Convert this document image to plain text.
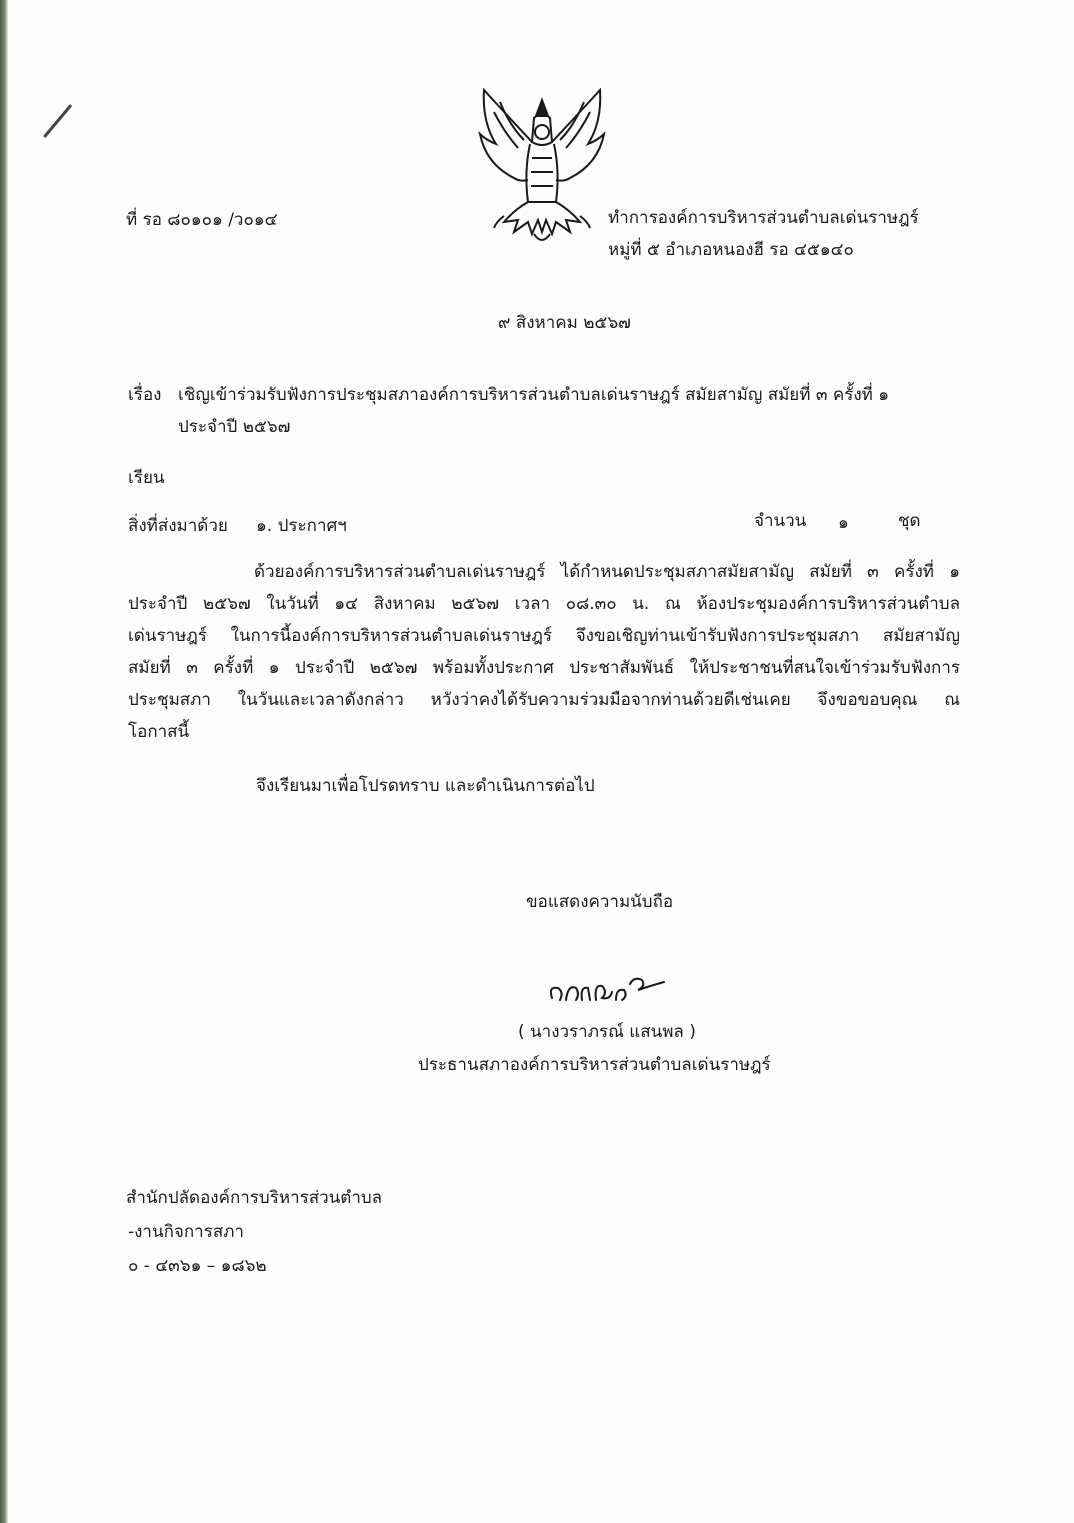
ที่ รอ ๘๐๑๐๑ /ว๐๑๔	ทำการองค์การบริหารส่วนตำบลเด่นราษฎร์
หมู่ที่ ๕ อำเภอหนองฮี รอ ๔๕๑๔๐
๙ สิงหาคม ๒๕๖๗
เรื่อง เชิญเข้าร่วมรับฟังการประชุมสภาองค์การบริหารส่วนตำบลเด่นราษฎร์ สมัยสามัญ สมัยที่ ๓ ครั้งที่ ๑
ประจำปี ๒๕๖๗
เรียน
สิ่งที่ส่งมาด้วย ๑. ประกาศฯ	จำนวน ๑	ชุด
ด้วยองค์การบริหารส่วนตำบลเด่นราษฎร์ ได้กำหนดประชุมสภาสมัยสามัญ สมัยที่ ๓ ครั้งที่ ๑
ประจำปี ๒๕๖๗ ในวันที่ ๑๔ สิงหาคม ๒๕๖๗ เวลา ๐๘.๓๐ น. ณ ห้องประชุมองค์การบริหารส่วนตำบล
เด่นราษฎร์ ในการนี้องค์การบริหารส่วนตำบลเด่นราษฎร์ จึงขอเชิญท่านเข้ารับฟังการประชุมสภา สมัยสามัญ
สมัยที่ ๓ ครั้งที่ ๑ ประจำปี ๒๕๖๗ พร้อมทั้งประกาศ ประชาสัมพันธ์ ให้ประชาชนที่สนใจเข้าร่วมรับฟังการ
ประชุมสภา ในวันและเวลาดังกล่าว หวังว่าคงได้รับความร่วมมือจากท่านด้วยดีเช่นเคย จึงขอขอบคุณ ณ
โอกาสนี้
จึงเรียนมาเพื่อโปรดทราบ และดำเนินการต่อไป
ขอแสดงความนับถือ
( นางวราภรณ์ แสนพล )
ประธานสภาองค์การบริหารส่วนตำบลเด่นราษฎร์
สำนักปลัดองค์การบริหารส่วนตำบล
-งานกิจการสภา
๐ - ๔๓๖๑ – ๑๘๖๒
